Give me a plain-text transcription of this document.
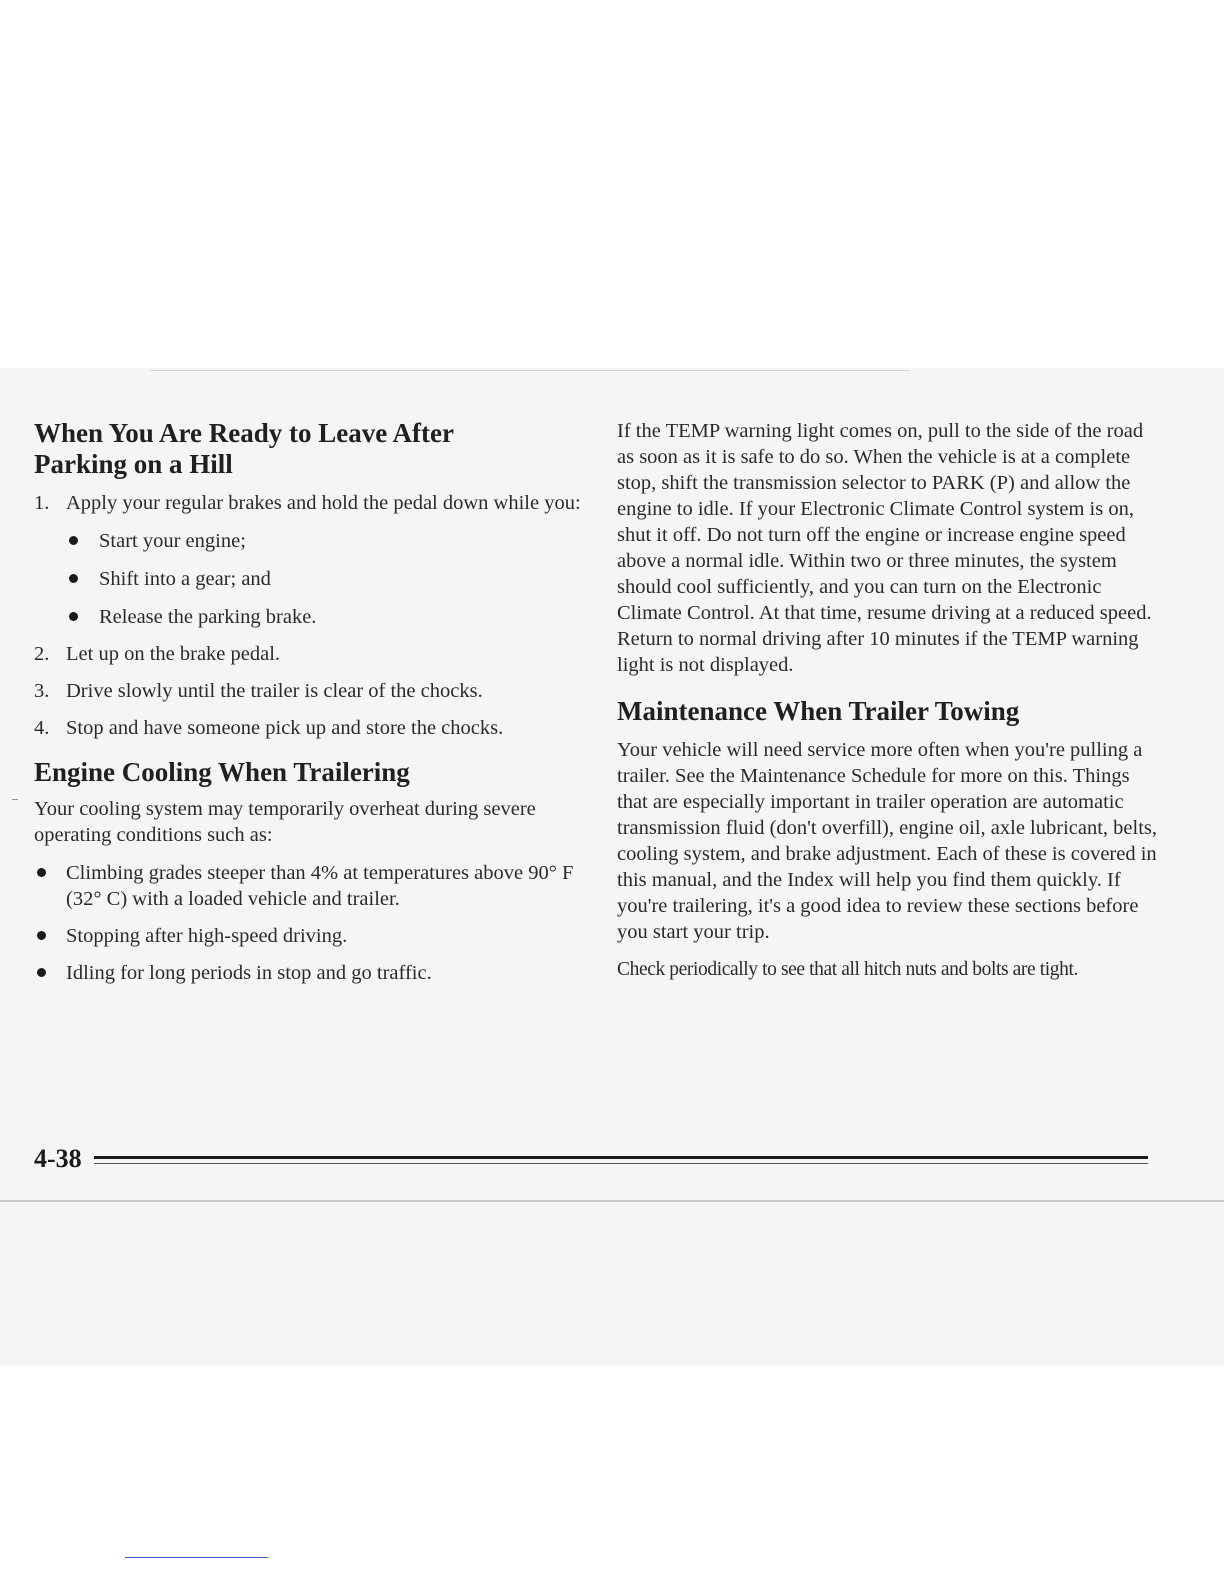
When You Are Ready to Leave After
Parking on a Hill
1. Apply your regular brakes and hold the pedal down while you:
Start your engine;
Shift into a gear; and
Release the parking brake.
2. Let up on the brake pedal.
3. Drive slowly until the trailer is clear of the chocks.
4. Stop and have someone pick up and store the chocks.
Engine Cooling When Trailering

Your cooling system may temporarily overheat during severe operating conditions such as:

Climbing grades steeper than 4% at temperatures above 90° F (32° C) with a loaded vehicle and trailer.
Stopping after high-speed driving.
Idling for long periods in stop and go traffic.

If the TEMP warning light comes on, pull to the side of the road as soon as it is safe to do so. When the vehicle is at a complete stop, shift the transmission selector to PARK (P) and allow the engine to idle. If your Electronic Climate Control system is on, shut it off. Do not turn off the engine or increase engine speed above a normal idle. Within two or three minutes, the system should cool sufficiently, and you can turn on the Electronic Climate Control. At that time, resume driving at a reduced speed. Return to normal driving after 10 minutes if the TEMP warning light is not displayed.

Maintenance When Trailer Towing

Your vehicle will need service more often when you're pulling a trailer. See the Maintenance Schedule for more on this. Things that are especially important in trailer operation are automatic transmission fluid (don't overfill), engine oil, axle lubricant, belts, cooling system, and brake adjustment. Each of these is covered in this manual, and the Index will help you find them quickly. If you're trailering, it's a good idea to review these sections before you start your trip.

Check periodically to see that all hitch nuts and bolts are tight.

4-38
